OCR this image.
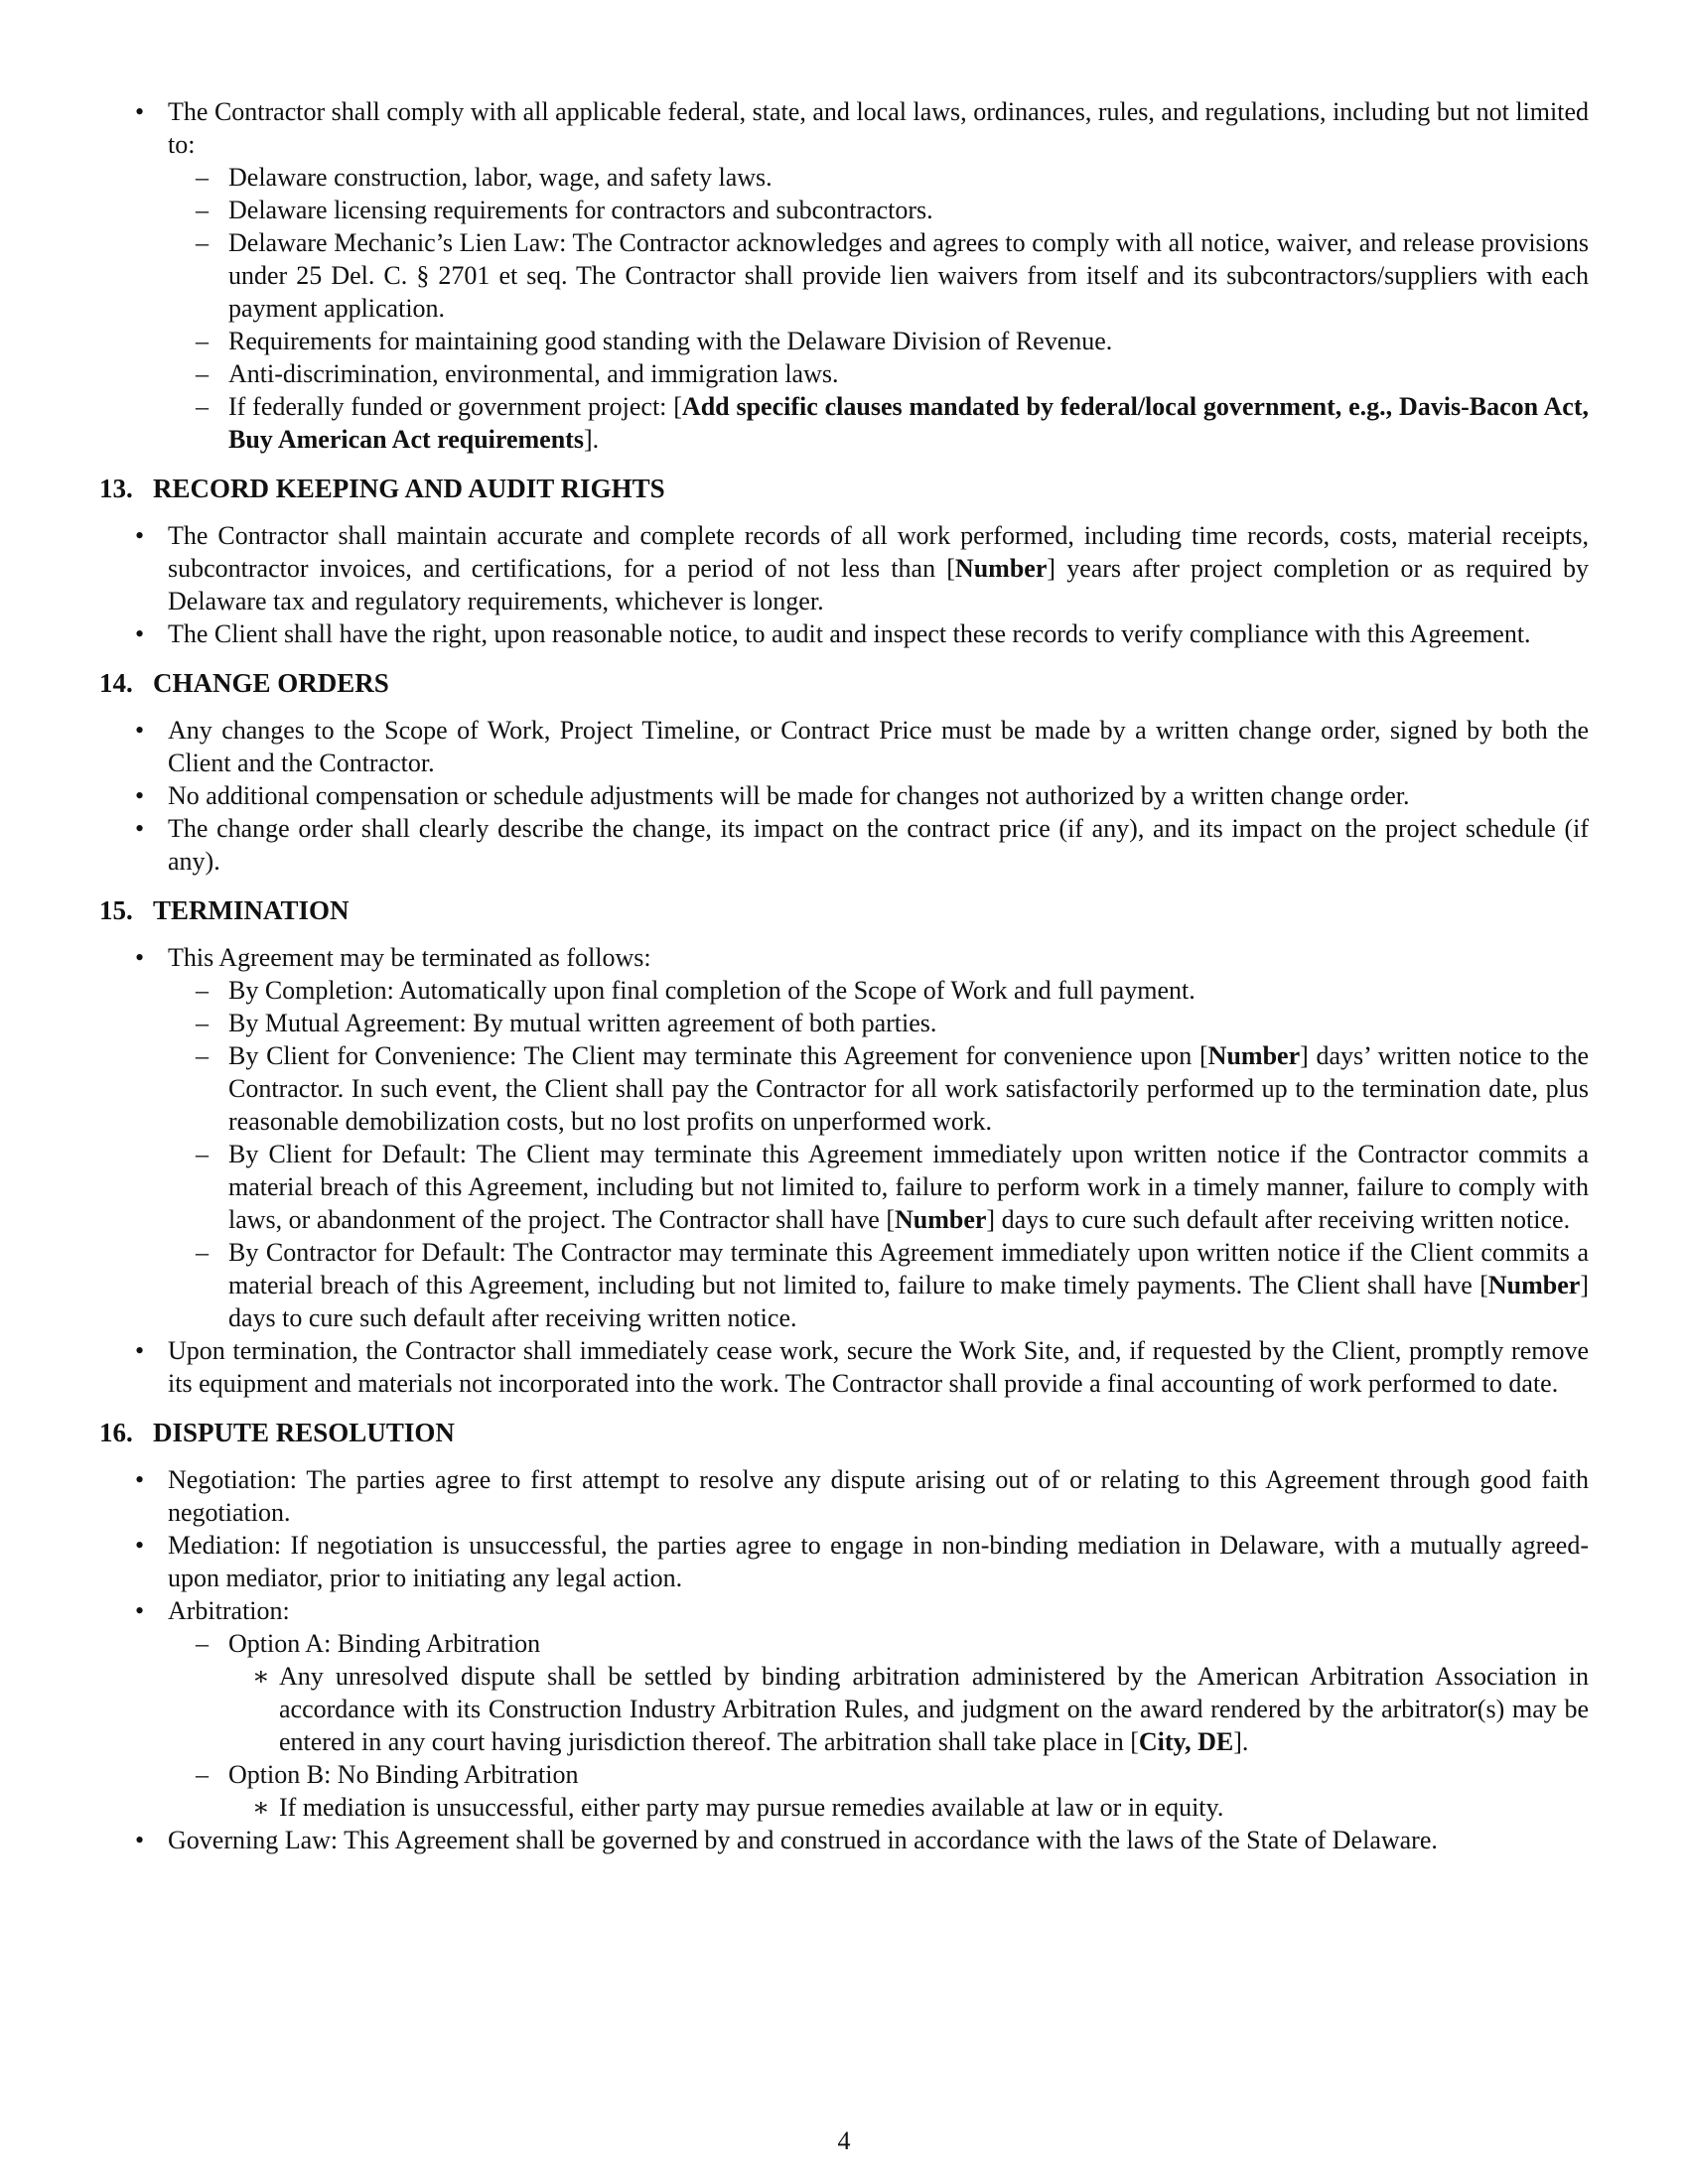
• The Contractor shall comply with all applicable federal, state, and local laws, ordinances, rules, and regulations, including but not limited to:
– Delaware construction, labor, wage, and safety laws.
– Delaware licensing requirements for contractors and subcontractors.
– Delaware Mechanic’s Lien Law: The Contractor acknowledges and agrees to comply with all notice, waiver, and release provisions under 25 Del. C. § 2701 et seq. The Contractor shall provide lien waivers from itself and its subcontractors/suppliers with each payment application.
– Requirements for maintaining good standing with the Delaware Division of Revenue.
– Anti-discrimination, environmental, and immigration laws.
– If federally funded or government project: [Add specific clauses mandated by federal/local government, e.g., Davis-Bacon Act, Buy American Act requirements].
13. RECORD KEEPING AND AUDIT RIGHTS
• The Contractor shall maintain accurate and complete records of all work performed, including time records, costs, material receipts, subcontractor invoices, and certifications, for a period of not less than [Number] years after project completion or as required by Delaware tax and regulatory requirements, whichever is longer.
• The Client shall have the right, upon reasonable notice, to audit and inspect these records to verify compliance with this Agreement.
14. CHANGE ORDERS
• Any changes to the Scope of Work, Project Timeline, or Contract Price must be made by a written change order, signed by both the Client and the Contractor.
• No additional compensation or schedule adjustments will be made for changes not authorized by a written change order.
• The change order shall clearly describe the change, its impact on the contract price (if any), and its impact on the project schedule (if any).
15. TERMINATION
• This Agreement may be terminated as follows:
– By Completion: Automatically upon final completion of the Scope of Work and full payment.
– By Mutual Agreement: By mutual written agreement of both parties.
– By Client for Convenience: The Client may terminate this Agreement for convenience upon [Number] days’ written notice to the Contractor. In such event, the Client shall pay the Contractor for all work satisfactorily performed up to the termination date, plus reasonable demobilization costs, but no lost profits on unperformed work.
– By Client for Default: The Client may terminate this Agreement immediately upon written notice if the Contractor commits a material breach of this Agreement, including but not limited to, failure to perform work in a timely manner, failure to comply with laws, or abandonment of the project. The Contractor shall have [Number] days to cure such default after receiving written notice.
– By Contractor for Default: The Contractor may terminate this Agreement immediately upon written notice if the Client commits a material breach of this Agreement, including but not limited to, failure to make timely payments. The Client shall have [Number] days to cure such default after receiving written notice.
• Upon termination, the Contractor shall immediately cease work, secure the Work Site, and, if requested by the Client, promptly remove its equipment and materials not incorporated into the work. The Contractor shall provide a final accounting of work performed to date.
16. DISPUTE RESOLUTION
• Negotiation: The parties agree to first attempt to resolve any dispute arising out of or relating to this Agreement through good faith negotiation.
• Mediation: If negotiation is unsuccessful, the parties agree to engage in non-binding mediation in Delaware, with a mutually agreed-upon mediator, prior to initiating any legal action.
• Arbitration:
– Option A: Binding Arbitration
∗ Any unresolved dispute shall be settled by binding arbitration administered by the American Arbitration Association in accordance with its Construction Industry Arbitration Rules, and judgment on the award rendered by the arbitrator(s) may be entered in any court having jurisdiction thereof. The arbitration shall take place in [City, DE].
– Option B: No Binding Arbitration
∗ If mediation is unsuccessful, either party may pursue remedies available at law or in equity.
• Governing Law: This Agreement shall be governed by and construed in accordance with the laws of the State of Delaware.
4
